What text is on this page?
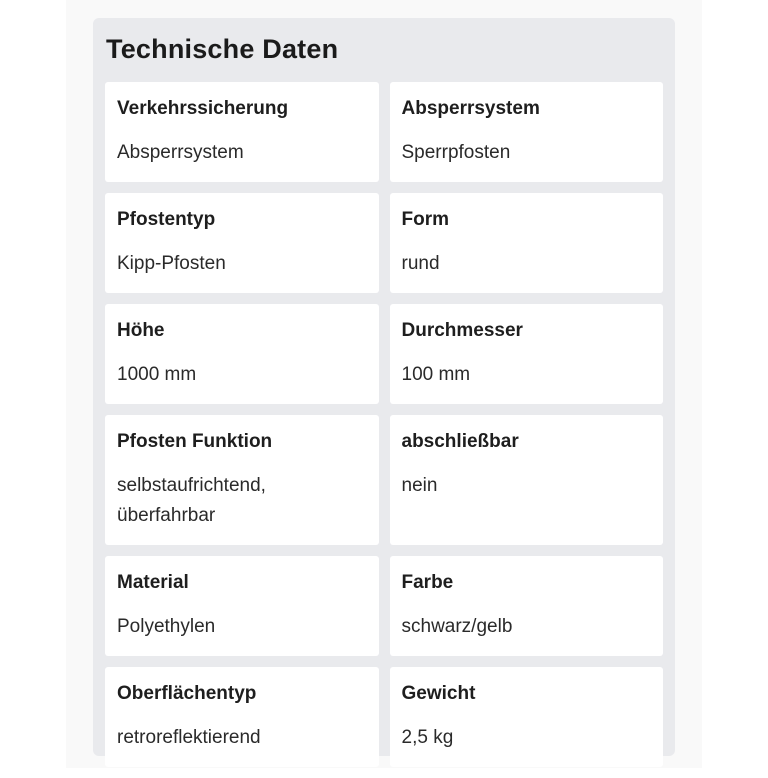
Technische Daten
Verkehrssicherung
Absperrsystem
Absperrsystem
Sperrpfosten
Pfostentyp
Kipp-Pfosten
Form
rund
Höhe
1000 mm
Durchmesser
100 mm
Pfosten Funktion
selbstaufrichtend,
überfahrbar
abschließbar
nein
Material
Polyethylen
Farbe
schwarz/gelb
Oberflächentyp
retroreflektierend
Gewicht
2,5 kg
